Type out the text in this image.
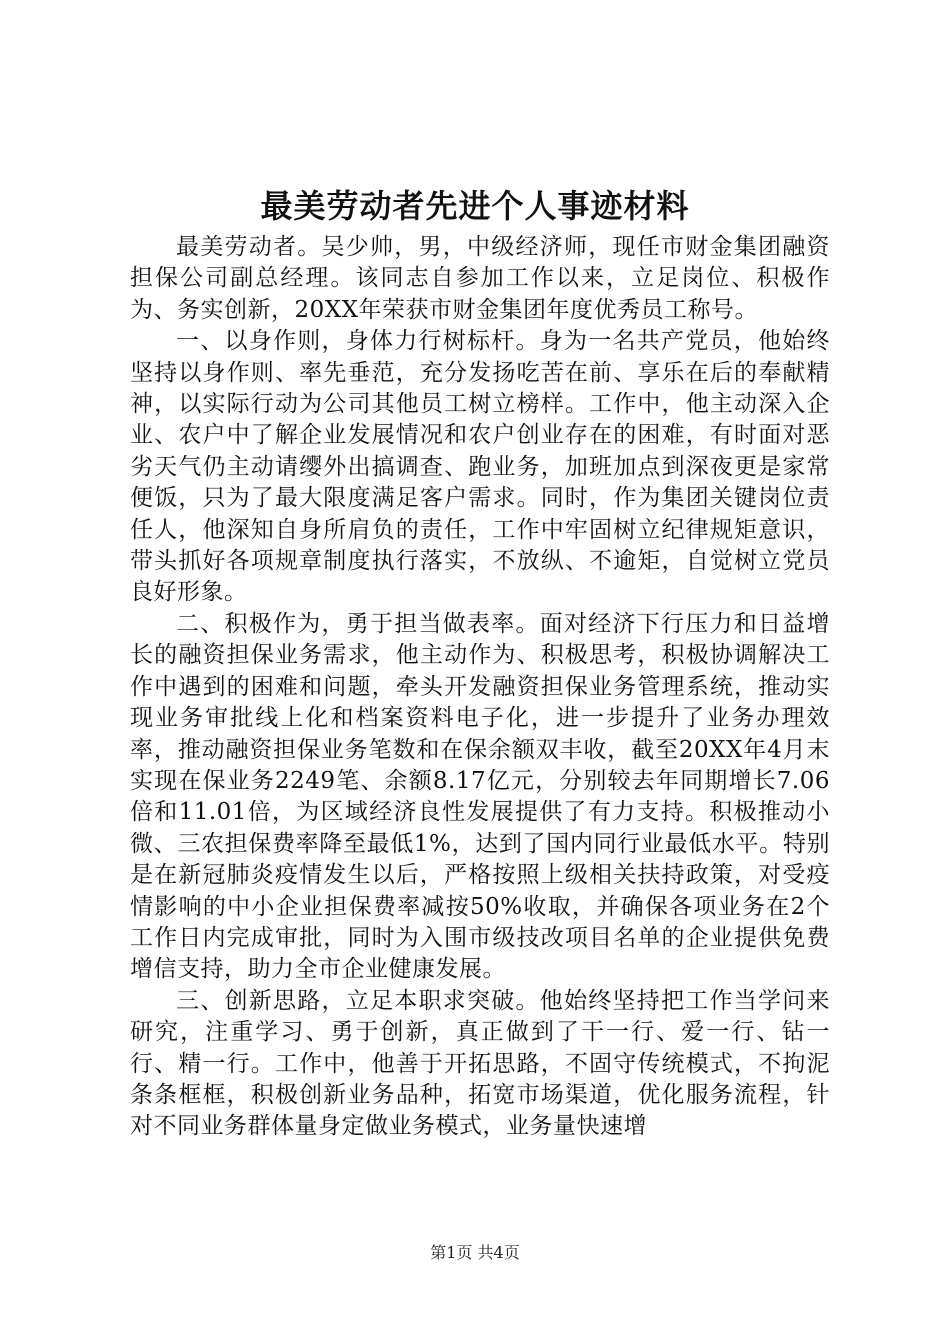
最美劳动者先进个人事迹材料

最美劳动者。吴少帅，男，中级经济师，现任市财金集团融资担保公司副总经理。该同志自参加工作以来，立足岗位、积极作为、务实创新，20XX年荣获市财金集团年度优秀员工称号。

一、以身作则，身体力行树标杆。身为一名共产党员，他始终坚持以身作则、率先垂范，充分发扬吃苦在前、享乐在后的奉献精神，以实际行动为公司其他员工树立榜样。工作中，他主动深入企业、农户中了解企业发展情况和农户创业存在的困难，有时面对恶劣天气仍主动请缨外出搞调查、跑业务，加班加点到深夜更是家常便饭，只为了最大限度满足客户需求。同时，作为集团关键岗位责任人，他深知自身所肩负的责任，工作中牢固树立纪律规矩意识，带头抓好各项规章制度执行落实，不放纵、不逾矩，自觉树立党员良好形象。

二、积极作为，勇于担当做表率。面对经济下行压力和日益增长的融资担保业务需求，他主动作为、积极思考，积极协调解决工作中遇到的困难和问题，牵头开发融资担保业务管理系统，推动实现业务审批线上化和档案资料电子化，进一步提升了业务办理效率，推动融资担保业务笔数和在保余额双丰收，截至20XX年4月末实现在保业务2249笔、余额8.17亿元，分别较去年同期增长7.06倍和11.01倍，为区域经济良性发展提供了有力支持。积极推动小微、三农担保费率降至最低1%，达到了国内同行业最低水平。特别是在新冠肺炎疫情发生以后，严格按照上级相关扶持政策，对受疫情影响的中小企业担保费率减按50%收取，并确保各项业务在2个工作日内完成审批，同时为入围市级技改项目名单的企业提供免费增信支持，助力全市企业健康发展。

三、创新思路，立足本职求突破。他始终坚持把工作当学问来研究，注重学习、勇于创新，真正做到了干一行、爱一行、钻一行、精一行。工作中，他善于开拓思路，不固守传统模式，不拘泥条条框框，积极创新业务品种，拓宽市场渠道，优化服务流程，针对不同业务群体量身定做业务模式，业务量快速增

第1页 共4页
